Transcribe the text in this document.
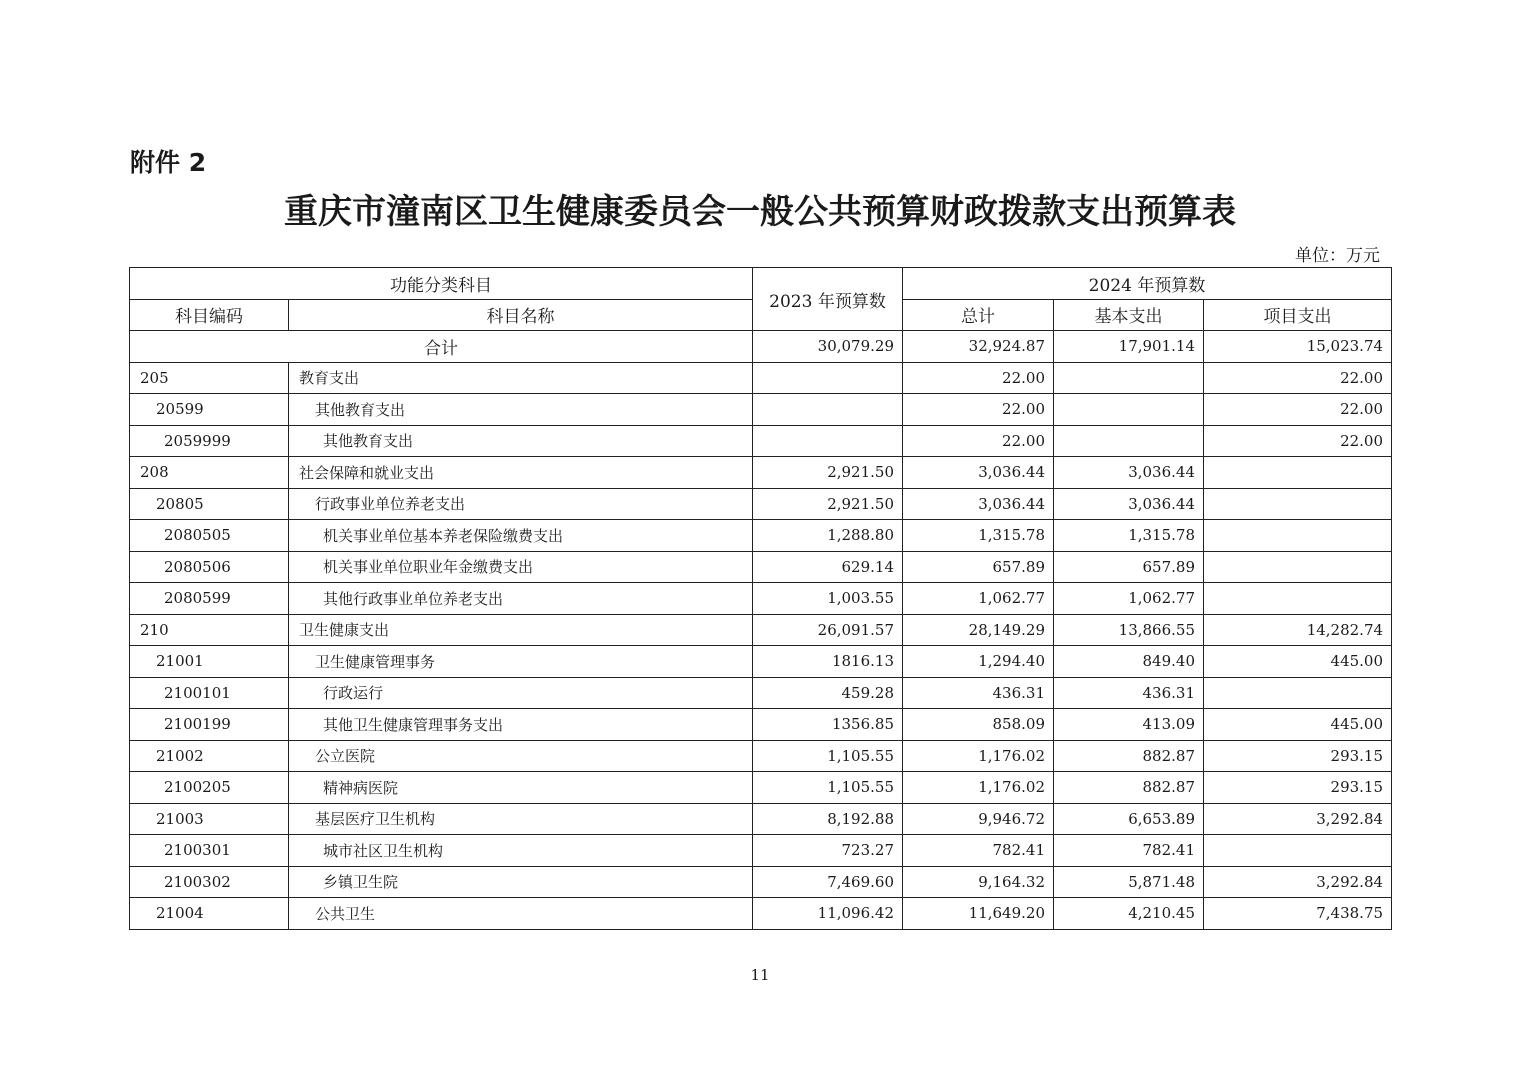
附件 2
重庆市潼南区卫生健康委员会一般公共预算财政拨款支出预算表
单位：万元
功能分类科目		2023 年预算数	2024 年预算数		
科目编码	科目名称		总计	基本支出	项目支出
合计		30,079.29	32,924.87	17,901.14	15,023.74
205	教育支出		22.00		22.00
20599	其他教育支出		22.00		22.00
2059999	其他教育支出		22.00		22.00
208	社会保障和就业支出	2,921.50	3,036.44	3,036.44	
20805	行政事业单位养老支出	2,921.50	3,036.44	3,036.44	
2080505	机关事业单位基本养老保险缴费支出	1,288.80	1,315.78	1,315.78	
2080506	机关事业单位职业年金缴费支出	629.14	657.89	657.89	
2080599	其他行政事业单位养老支出	1,003.55	1,062.77	1,062.77	
210	卫生健康支出	26,091.57	28,149.29	13,866.55	14,282.74
21001	卫生健康管理事务	1816.13	1,294.40	849.40	445.00
2100101	行政运行	459.28	436.31	436.31	
2100199	其他卫生健康管理事务支出	1356.85	858.09	413.09	445.00
21002	公立医院	1,105.55	1,176.02	882.87	293.15
2100205	精神病医院	1,105.55	1,176.02	882.87	293.15
21003	基层医疗卫生机构	8,192.88	9,946.72	6,653.89	3,292.84
2100301	城市社区卫生机构	723.27	782.41	782.41	
2100302	乡镇卫生院	7,469.60	9,164.32	5,871.48	3,292.84
21004	公共卫生	11,096.42	11,649.20	4,210.45	7,438.75
11
